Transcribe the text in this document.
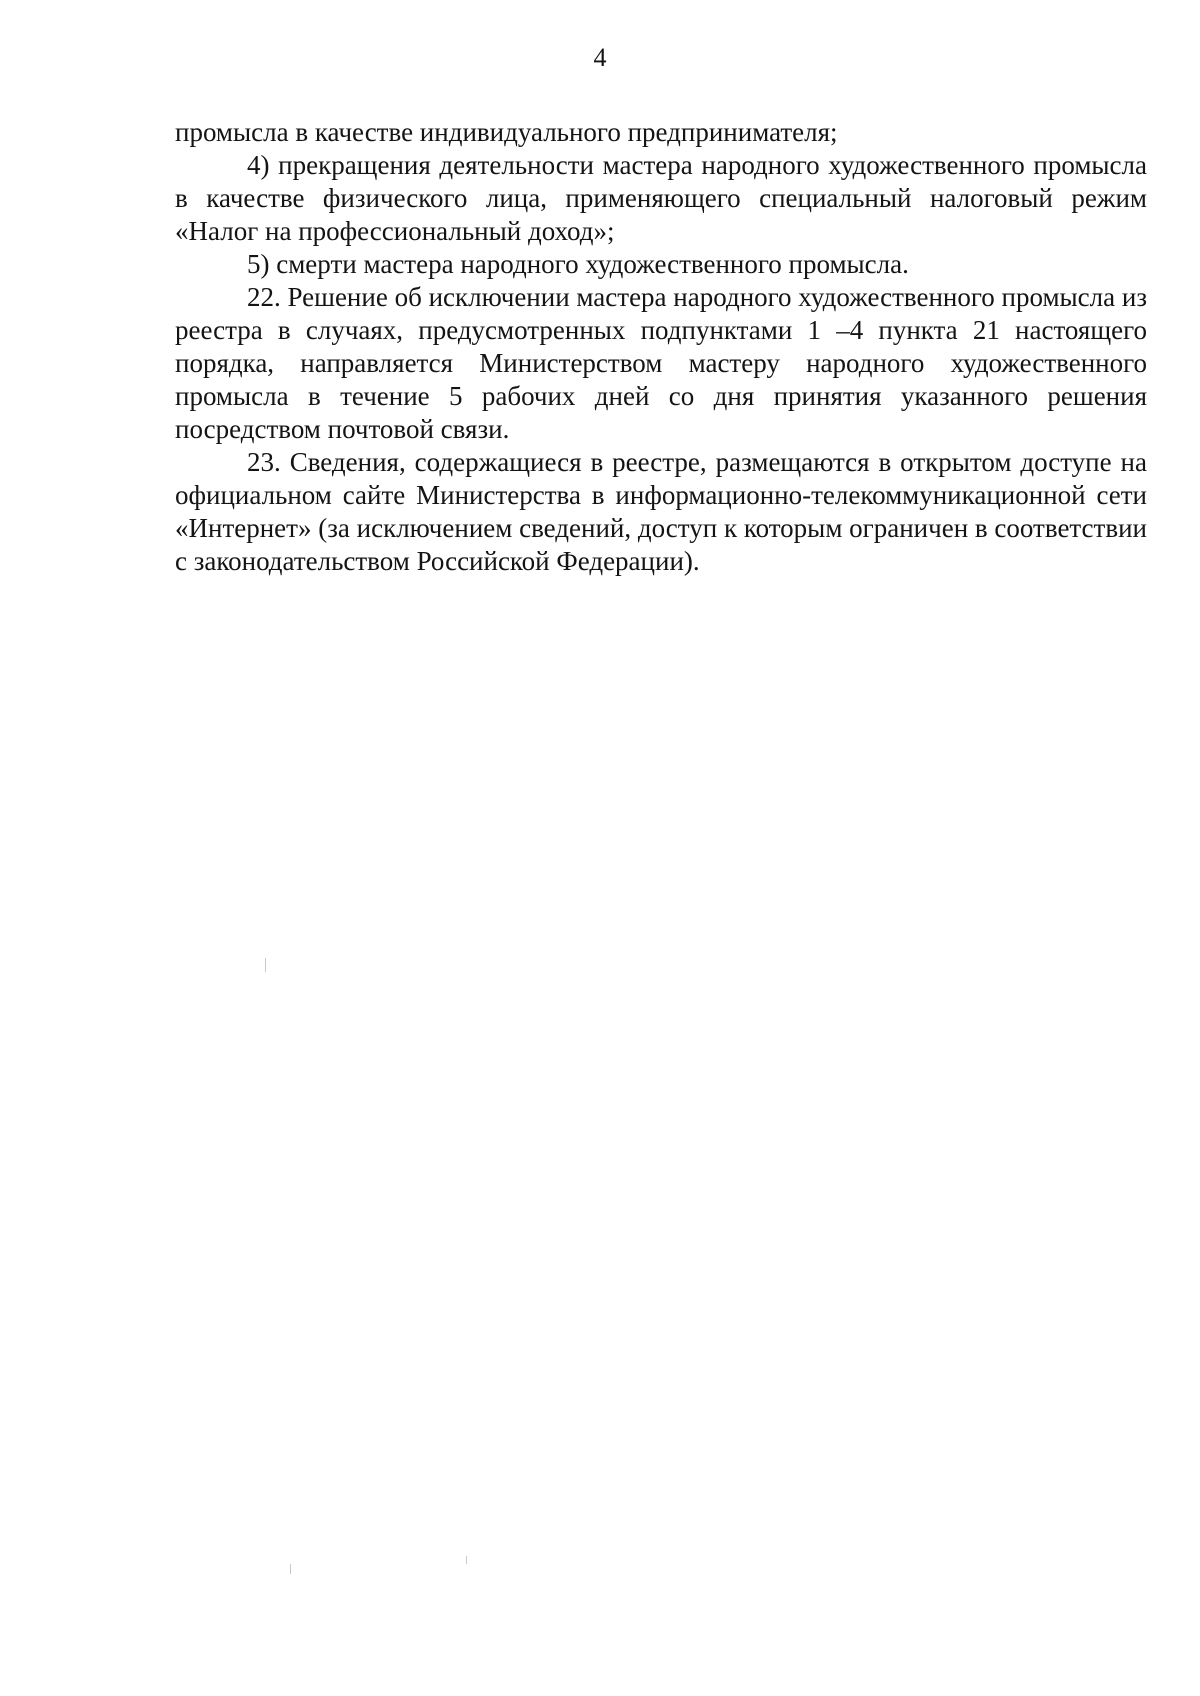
4

промысла в качестве индивидуального предпринимателя;

4) прекращения деятельности мастера народного художественного промысла в качестве физического лица, применяющего специальный налоговый режим «Налог на профессиональный доход»;

5) смерти мастера народного художественного промысла.

22. Решение об исключении мастера народного художественного промысла из реестра в случаях, предусмотренных подпунктами 1 –4 пункта 21 настоящего порядка, направляется Министерством мастеру народного художественного промысла в течение 5 рабочих дней со дня принятия указанного решения посредством почтовой связи.

23. Сведения, содержащиеся в реестре, размещаются в открытом доступе на официальном сайте Министерства в информационно-телекоммуникационной сети «Интернет» (за исключением сведений, доступ к которым ограничен в соответствии с законодательством Российской Федерации).
